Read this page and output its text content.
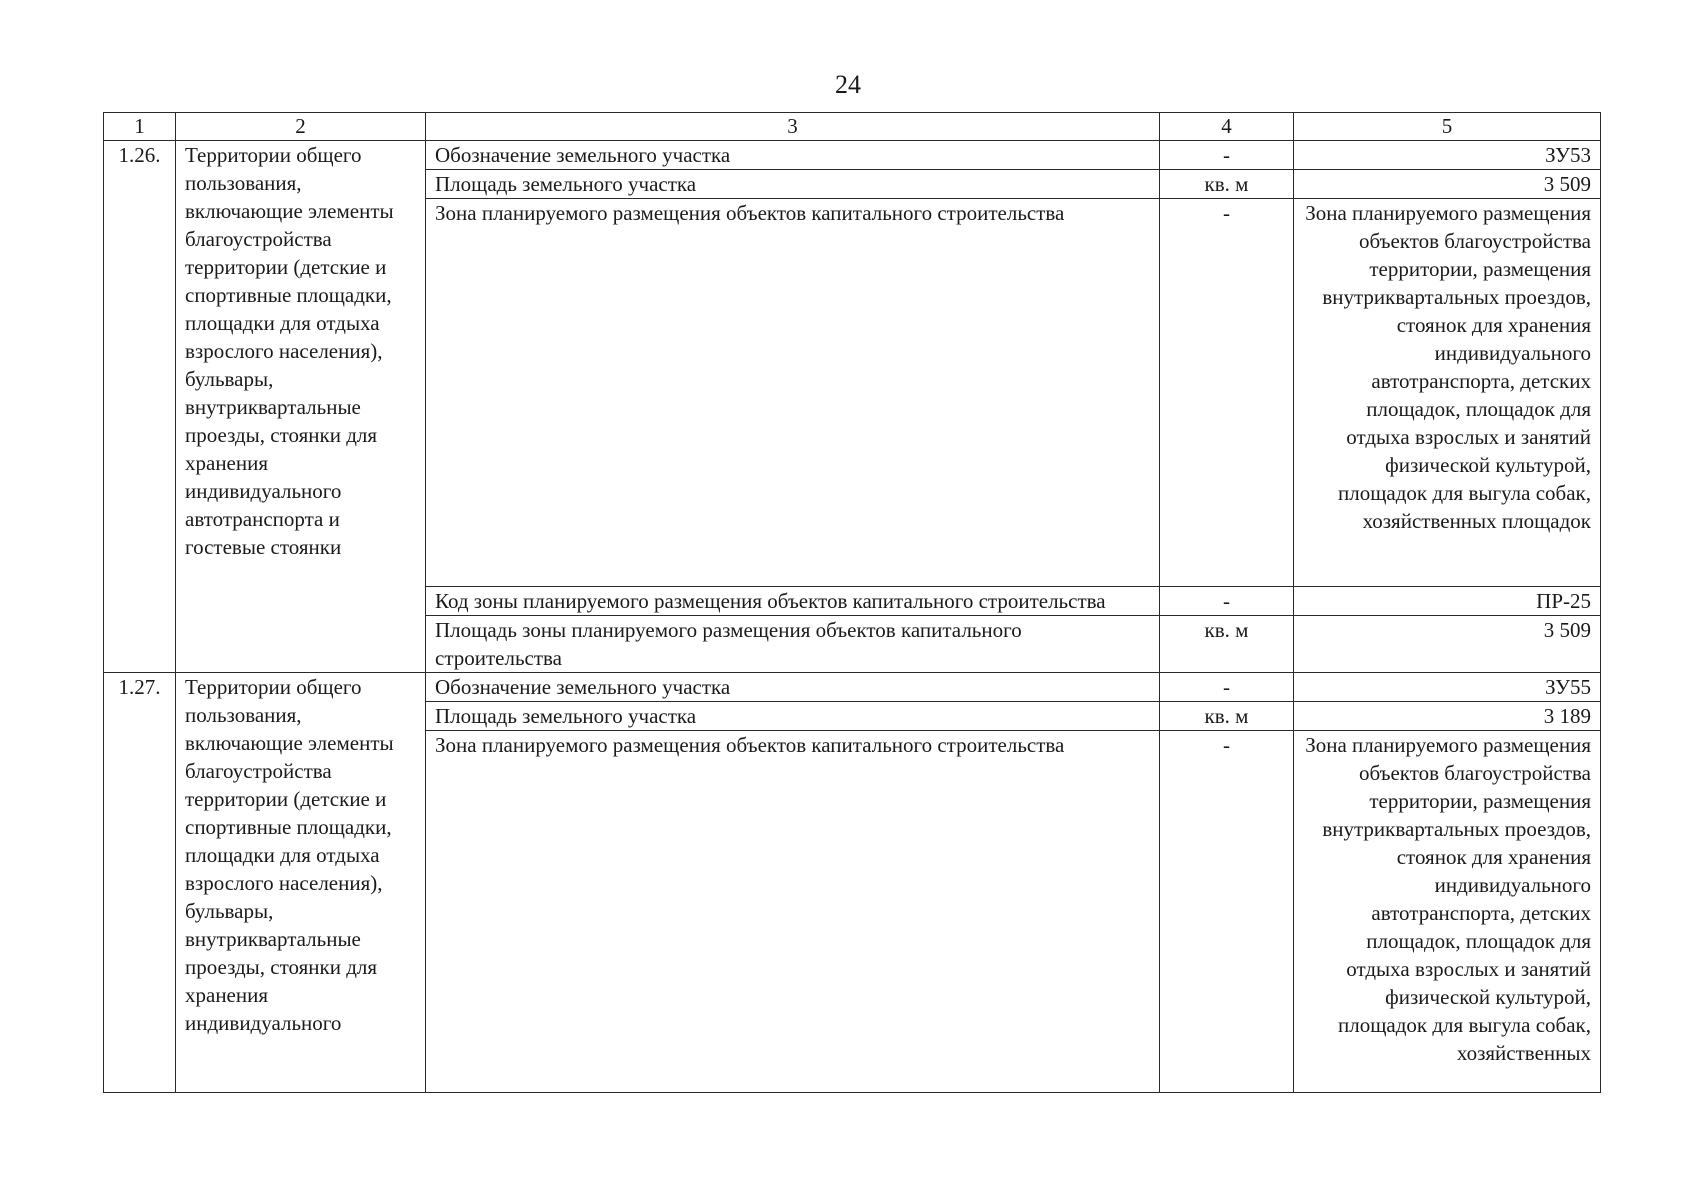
24
1	2	3	4	5
1.26.	Территории общего пользования, включающие элементы благоустройства территории (детские и спортивные площадки, площадки для отдыха взрослого населения), бульвары, внутриквартальные проезды, стоянки для хранения индивидуального автотранспорта и гостевые стоянки	Обозначение земельного участка	-	ЗУ53
		Площадь земельного участка	кв. м	3 509
		Зона планируемого размещения объектов капитального строительства	-	Зона планируемого размещения объектов благоустройства территории, размещения внутриквартальных проездов, стоянок для хранения индивидуального автотранспорта, детских площадок, площадок для отдыха взрослых и занятий физической культурой, площадок для выгула собак, хозяйственных площадок
		Код зоны планируемого размещения объектов капитального строительства	-	ПР-25
		Площадь зоны планируемого размещения объектов капитального строительства	кв. м	3 509
1.27.	Территории общего пользования, включающие элементы благоустройства территории (детские и спортивные площадки, площадки для отдыха взрослого населения), бульвары, внутриквартальные проезды, стоянки для хранения индивидуального	Обозначение земельного участка	-	ЗУ55
		Площадь земельного участка	кв. м	3 189
		Зона планируемого размещения объектов капитального строительства	-	Зона планируемого размещения объектов благоустройства территории, размещения внутриквартальных проездов, стоянок для хранения индивидуального автотранспорта, детских площадок, площадок для отдыха взрослых и занятий физической культурой, площадок для выгула собак, хозяйственных
